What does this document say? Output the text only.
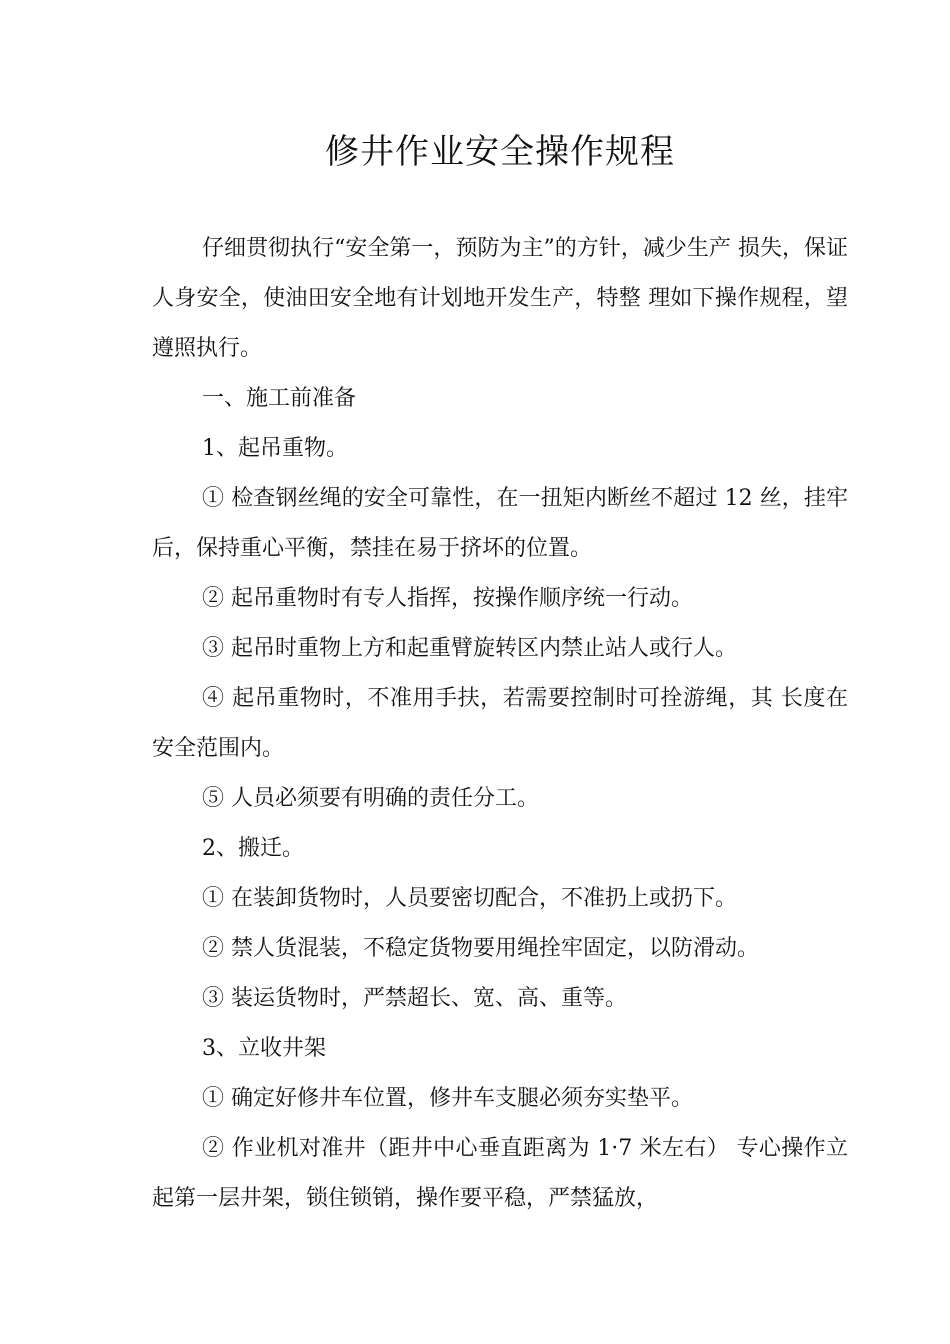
修井作业安全操作规程

仔细贯彻执行“安全第一，预防为主”的方针，减少生产 损失，保证人身安全，使油田安全地有计划地开发生产，特整 理如下操作规程，望遵照执行。

一、施工前准备

1、起吊重物。

① 检查钢丝绳的安全可靠性，在一扭矩内断丝不超过 12 丝，挂牢后，保持重心平衡，禁挂在易于挤坏的位置。

② 起吊重物时有专人指挥，按操作顺序统一行动。

③ 起吊时重物上方和起重臂旋转区内禁止站人或行人。

④ 起吊重物时，不准用手扶，若需要控制时可拴游绳，其 长度在安全范围内。

⑤ 人员必须要有明确的责任分工。

2、搬迁。

① 在装卸货物时，人员要密切配合，不准扔上或扔下。

② 禁人货混装，不稳定货物要用绳拴牢固定，以防滑动。

③ 装运货物时，严禁超长、宽、高、重等。

3、立收井架

① 确定好修井车位置，修井车支腿必须夯实垫平。

② 作业机对准井（距井中心垂直距离为 1·7 米左右） 专心操作立起第一层井架，锁住锁销，操作要平稳，严禁猛放，
